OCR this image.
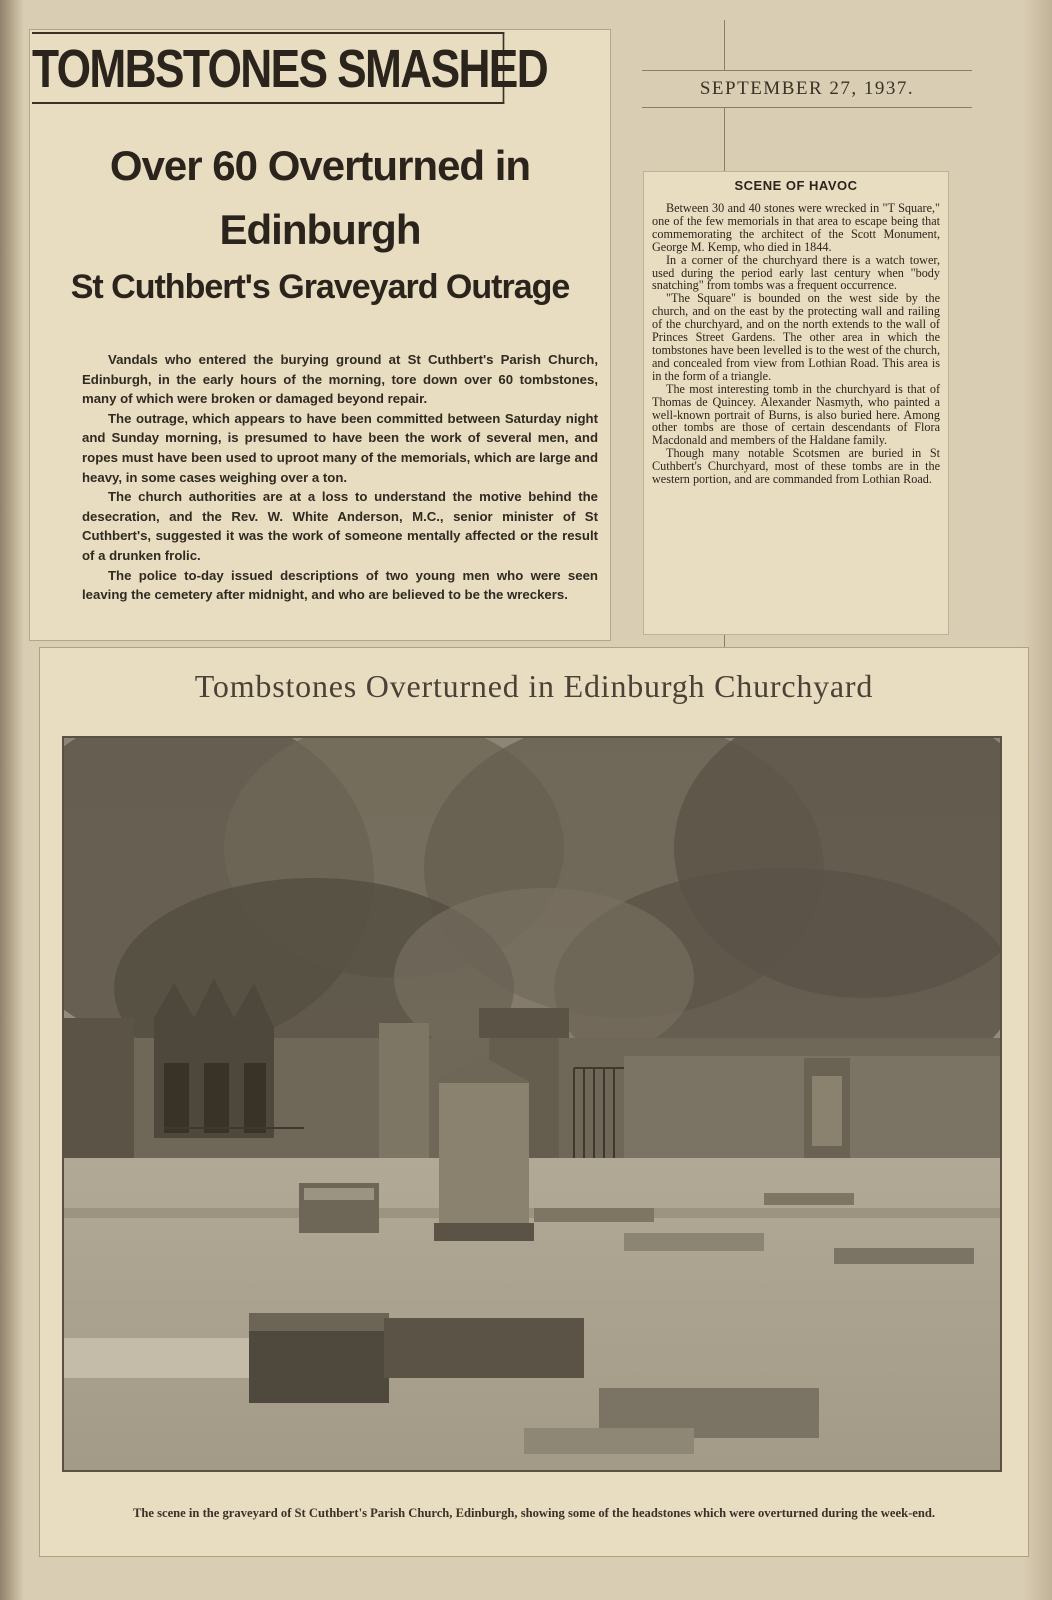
TOMBSTONES SMASHED
Over 60 Overturned in
Edinburgh
St Cuthbert's Graveyard Outrage

Vandals who entered the burying ground at St Cuthbert's Parish Church, Edinburgh, in the early hours of the morning, tore down over 60 tombstones, many of which were broken or damaged beyond repair.

The outrage, which appears to have been committed between Saturday night and Sunday morning, is presumed to have been the work of several men, and ropes must have been used to uproot many of the memorials, which are large and heavy, in some cases weighing over a ton.

The church authorities are at a loss to understand the motive behind the desecration, and the Rev. W. White Anderson, M.C., senior minister of St Cuthbert's, suggested it was the work of someone mentally affected or the result of a drunken frolic.

The police to-day issued descriptions of two young men who were seen leaving the cemetery after midnight, and who are believed to be the wreckers.

SEPTEMBER 27, 1937.
SCENE OF HAVOC

Between 30 and 40 stones were wrecked in "T Square," one of the few memorials in that area to escape being that commemorating the architect of the Scott Monument, George M. Kemp, who died in 1844.

In a corner of the churchyard there is a watch tower, used during the period early last century when "body snatching" from tombs was a frequent occurrence.

"The Square" is bounded on the west side by the church, and on the east by the protecting wall and railing of the churchyard, and on the north extends to the wall of Princes Street Gardens. The other area in which the tombstones have been levelled is to the west of the church, and concealed from view from Lothian Road. This area is in the form of a triangle.

The most interesting tomb in the churchyard is that of Thomas de Quincey. Alexander Nasmyth, who painted a well-known portrait of Burns, is also buried here. Among other tombs are those of certain descendants of Flora Macdonald and members of the Haldane family.

Though many notable Scotsmen are buried in St Cuthbert's Churchyard, most of these tombs are in the western portion, and are commanded from Lothian Road.

Tombstones Overturned in Edinburgh Churchyard
The scene in the graveyard of St Cuthbert's Parish Church, Edinburgh, showing some of the headstones which were overturned during the week-end.
